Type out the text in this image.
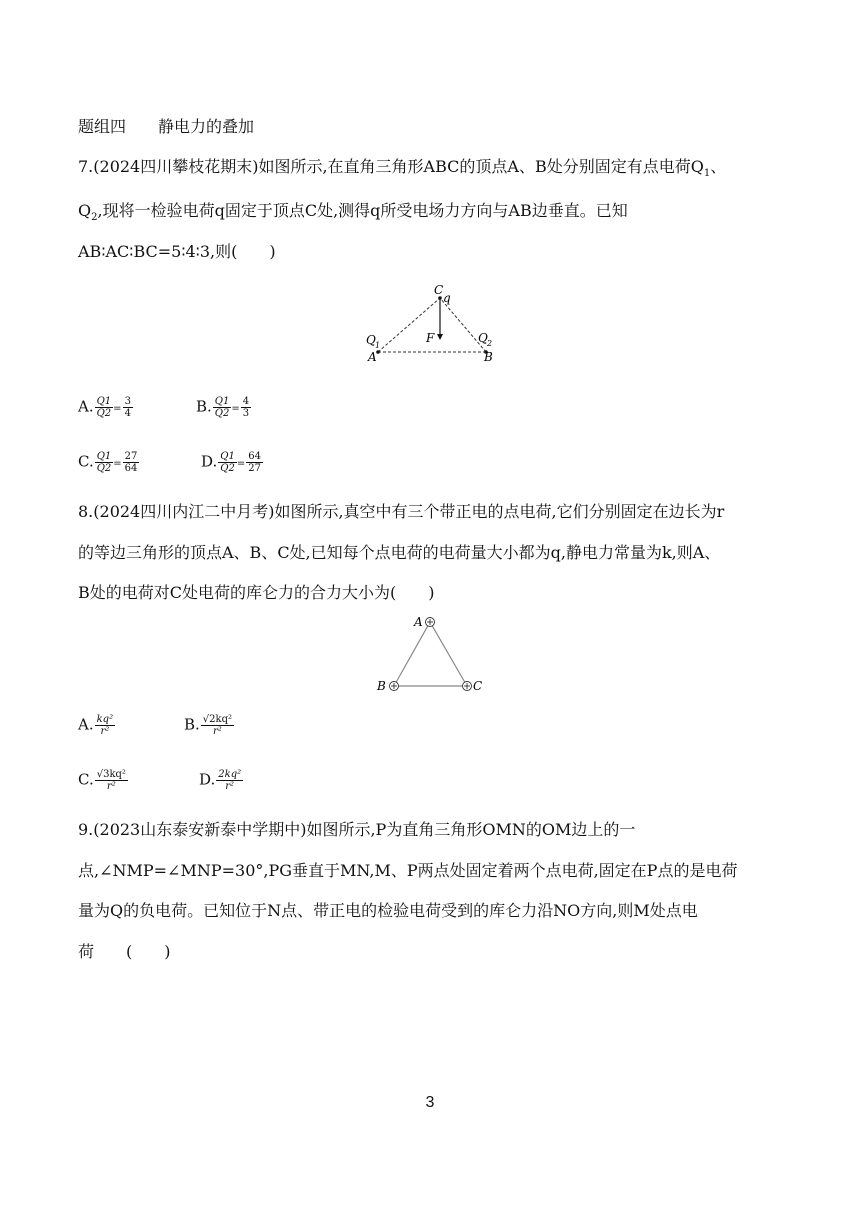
题组四　　静电力的叠加
7.(2024四川攀枝花期末)如图所示,在直角三角形ABC的顶点A、B处分别固定有点电荷$Q_1$、
$Q_2$,现将一检验电荷q固定于顶点C处,测得q所受电场力方向与AB边垂直。已知
AB∶AC∶BC=5∶4∶3,则(　　)
C
q
F
Q 1
A
Q 2
B
A. $\frac{Q1}{Q2} = \frac{3}{4}$	B. $\frac{Q1}{Q2} = \frac{4}{3}$
C. $\frac{Q1}{Q2} = \frac{27}{64}$	D. $\frac{Q1}{Q2} = \frac{64}{27}$
8.(2024四川内江二中月考)如图所示,真空中有三个带正电的点电荷,它们分别固定在边长为r
的等边三角形的顶点A、B、C处,已知每个点电荷的电荷量大小都为q,静电力常量为k,则A、
B处的电荷对C处电荷的库仑力的合力大小为(　　)
A
B	C
A. $\frac{\text{kq²}}{\text{r²}}$	B. $\frac{\text{√2kq²}}{\text{r²}}$
C. $\frac{\text{√3kq²}}{\text{r²}}$	D. $\frac{\text{2kq²}}{\text{r²}}$
9.(2023山东泰安新泰中学期中)如图所示,P为直角三角形OMN的OM边上的一
点,∠NMP=∠MNP=30°,PG垂直于MN,M、P两点处固定着两个点电荷,固定在P点的是电荷
量为Q的负电荷。已知位于N点、带正电的检验电荷受到的库仑力沿NO方向,则M处点电
荷　　(　　)
3
